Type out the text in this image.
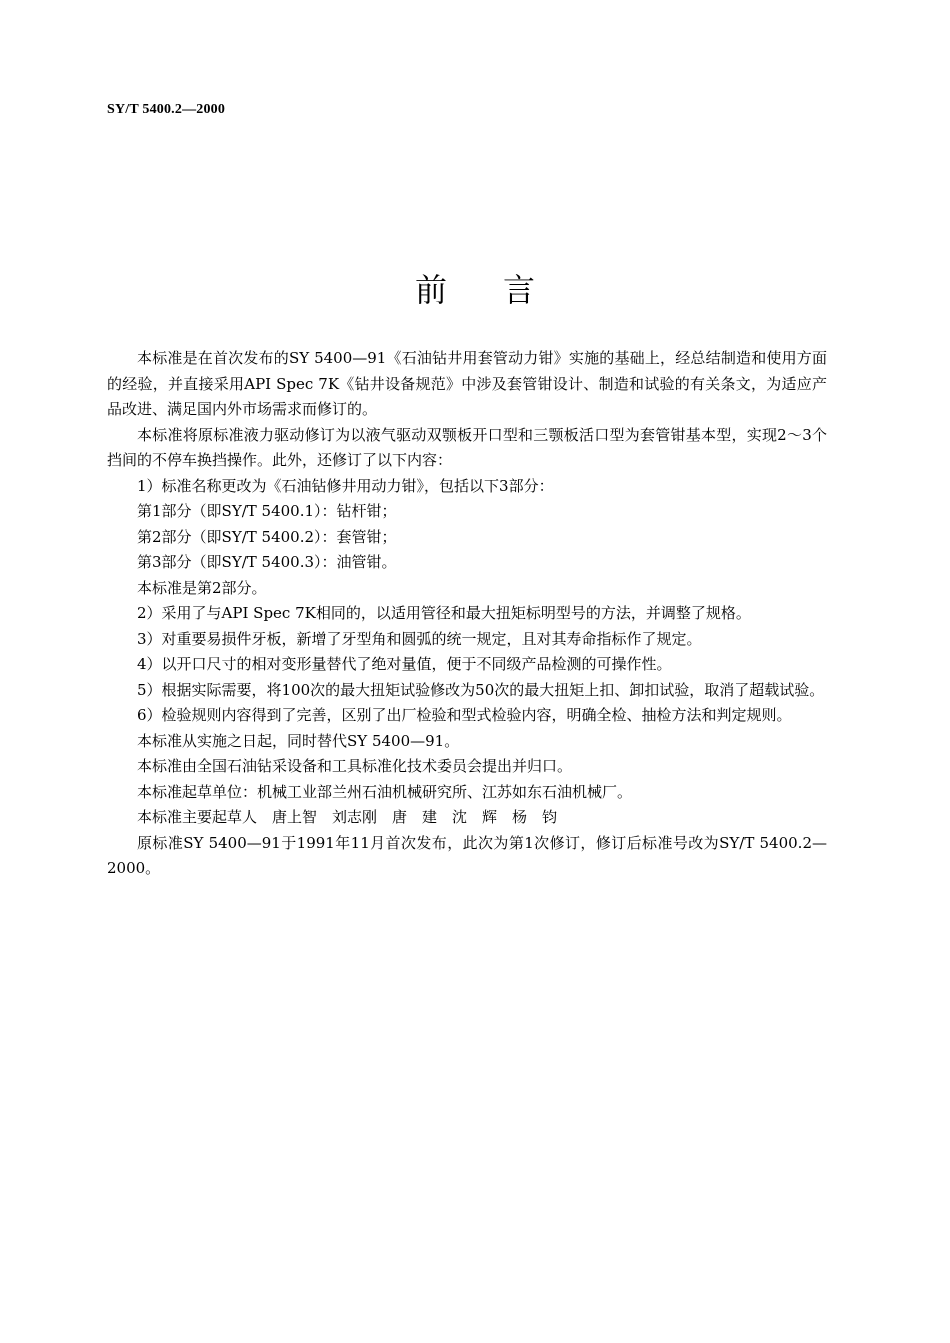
SY/T 5400.2—2000
前言

本标准是在首次发布的SY 5400—91《石油钻井用套管动力钳》实施的基础上，经总结制造和使用方面的经验，并直接采用API Spec 7K《钻井设备规范》中涉及套管钳设计、制造和试验的有关条文，为适应产品改进、满足国内外市场需求而修订的。

本标准将原标准液力驱动修订为以液气驱动双颚板开口型和三颚板活口型为套管钳基本型，实现2～3个挡间的不停车换挡操作。此外，还修订了以下内容：

1）标准名称更改为《石油钻修井用动力钳》，包括以下3部分：

第1部分（即SY/T 5400.1）：钻杆钳；

第2部分（即SY/T 5400.2）：套管钳；

第3部分（即SY/T 5400.3）：油管钳。

本标准是第2部分。

2）采用了与API Spec 7K相同的，以适用管径和最大扭矩标明型号的方法，并调整了规格。

3）对重要易损件牙板，新增了牙型角和圆弧的统一规定，且对其寿命指标作了规定。

4）以开口尺寸的相对变形量替代了绝对量值，便于不同级产品检测的可操作性。

5）根据实际需要，将100次的最大扭矩试验修改为50次的最大扭矩上扣、卸扣试验，取消了超载试验。

6）检验规则内容得到了完善，区别了出厂检验和型式检验内容，明确全检、抽检方法和判定规则。

本标准从实施之日起，同时替代SY 5400—91。

本标准由全国石油钻采设备和工具标准化技术委员会提出并归口。

本标准起草单位：机械工业部兰州石油机械研究所、江苏如东石油机械厂。

本标准主要起草人　唐上智　刘志刚　唐　建　沈　辉　杨　钧

原标准SY 5400—91于1991年11月首次发布，此次为第1次修订，修订后标准号改为SY/T 5400.2—2000。
